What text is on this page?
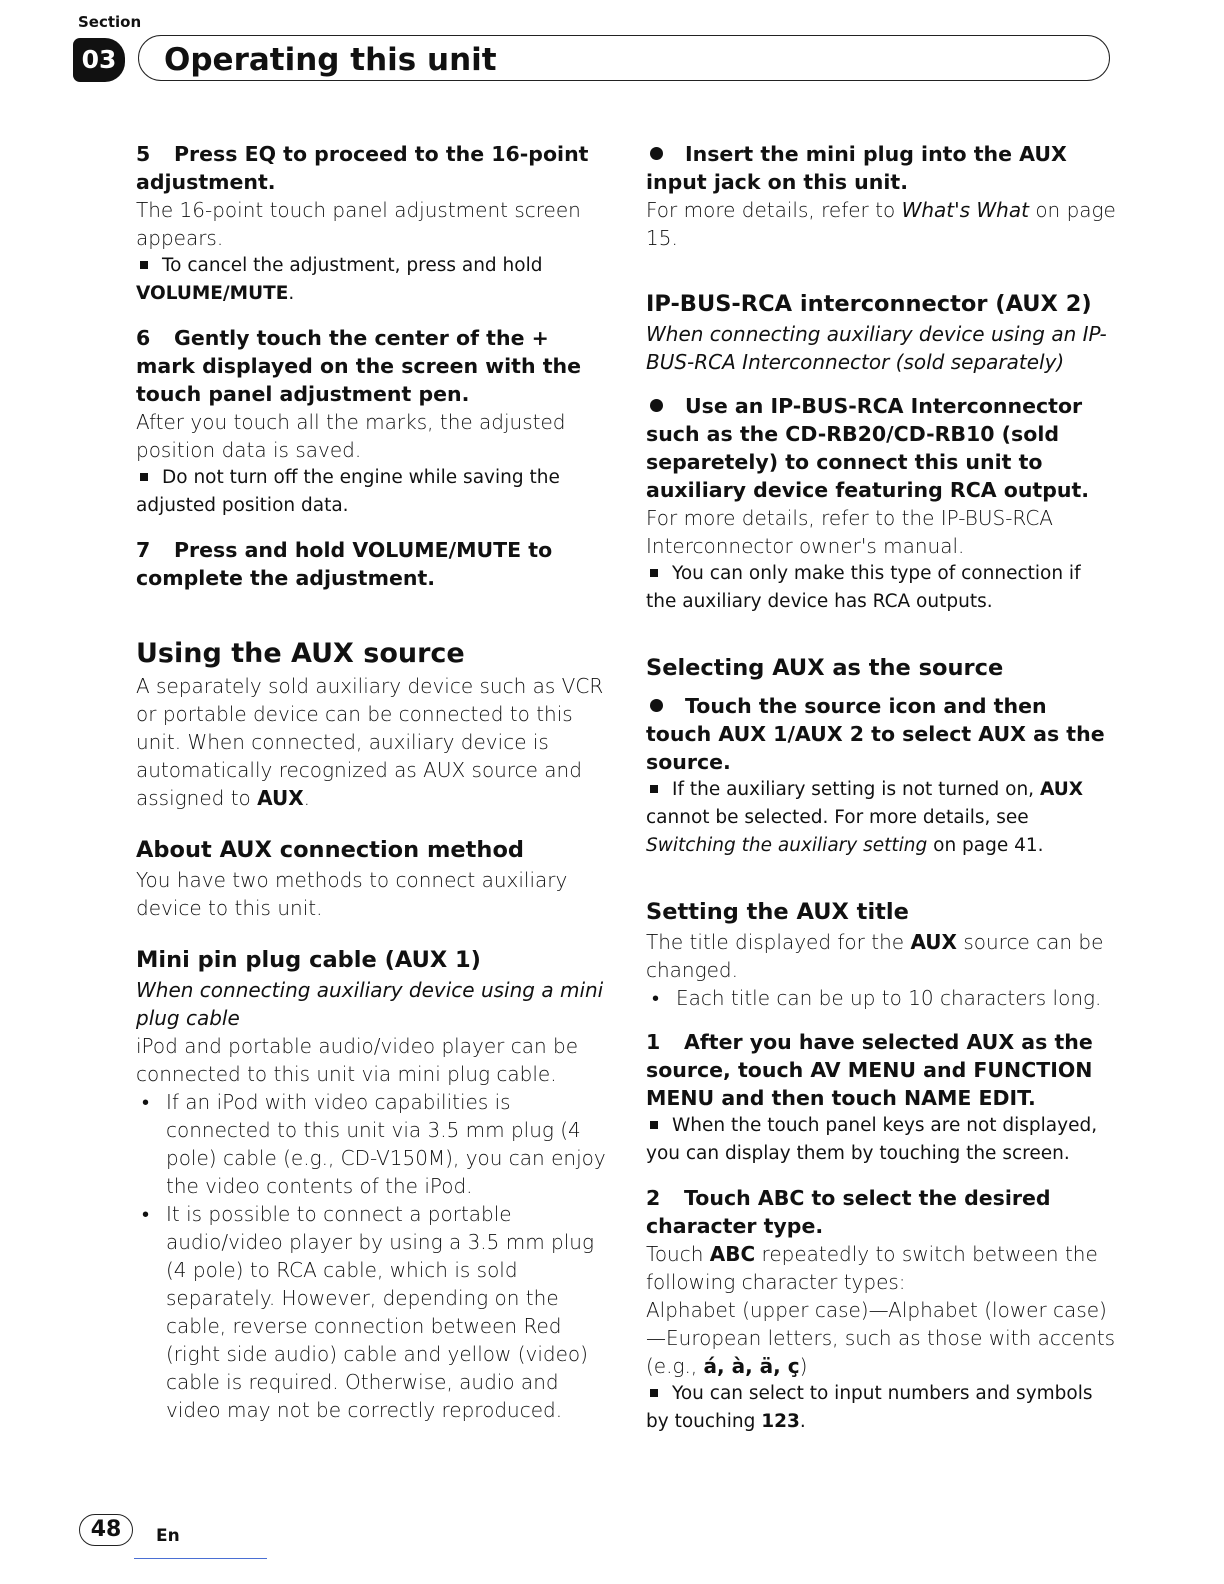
Section
03 Operating this unit

5 Press EQ to proceed to the 16-point adjustment.

The 16-point touch panel adjustment screen appears.

To cancel the adjustment, press and hold VOLUME/MUTE.

6 Gently touch the center of the + mark displayed on the screen with the touch panel adjustment pen.

After you touch all the marks, the adjusted position data is saved.

Do not turn off the engine while saving the adjusted position data.

7 Press and hold VOLUME/MUTE to complete the adjustment.

Using the AUX source

A separately sold auxiliary device such as VCR or portable device can be connected to this unit. When connected, auxiliary device is automatically recognized as AUX source and assigned to AUX.

About AUX connection method

You have two methods to connect auxiliary device to this unit.

Mini pin plug cable (AUX 1)

When connecting auxiliary device using a mini plug cable

iPod and portable audio/video player can be connected to this unit via mini plug cable.

• If an iPod with video capabilities is connected to this unit via 3.5 mm plug (4 pole) cable (e.g., CD-V150M), you can enjoy the video contents of the iPod.
• It is possible to connect a portable audio/video player by using a 3.5 mm plug (4 pole) to RCA cable, which is sold separately. However, depending on the cable, reverse connection between Red (right side audio) cable and yellow (video) cable is required. Otherwise, audio and video may not be correctly reproduced.

Insert the mini plug into the AUX input jack on this unit.

For more details, refer to What's What on page 15.

IP-BUS-RCA interconnector (AUX 2)

When connecting auxiliary device using an IP-BUS-RCA Interconnector (sold separately)

Use an IP-BUS-RCA Interconnector such as the CD-RB20/CD-RB10 (sold separetely) to connect this unit to auxiliary device featuring RCA output.

For more details, refer to the IP-BUS-RCA Interconnector owner's manual.

You can only make this type of connection if the auxiliary device has RCA outputs.

Selecting AUX as the source

Touch the source icon and then touch AUX 1/AUX 2 to select AUX as the source.

If the auxiliary setting is not turned on, AUX cannot be selected. For more details, see Switching the auxiliary setting on page 41.

Setting the AUX title

The title displayed for the AUX source can be changed.

• Each title can be up to 10 characters long.

1 After you have selected AUX as the source, touch AV MENU and FUNCTION MENU and then touch NAME EDIT.

When the touch panel keys are not displayed, you can display them by touching the screen.

2 Touch ABC to select the desired character type.

Touch ABC repeatedly to switch between the following character types:

Alphabet (upper case)—Alphabet (lower case)—European letters, such as those with accents (e.g., á, à, ä, ç)

You can select to input numbers and symbols by touching 123.

48	En
